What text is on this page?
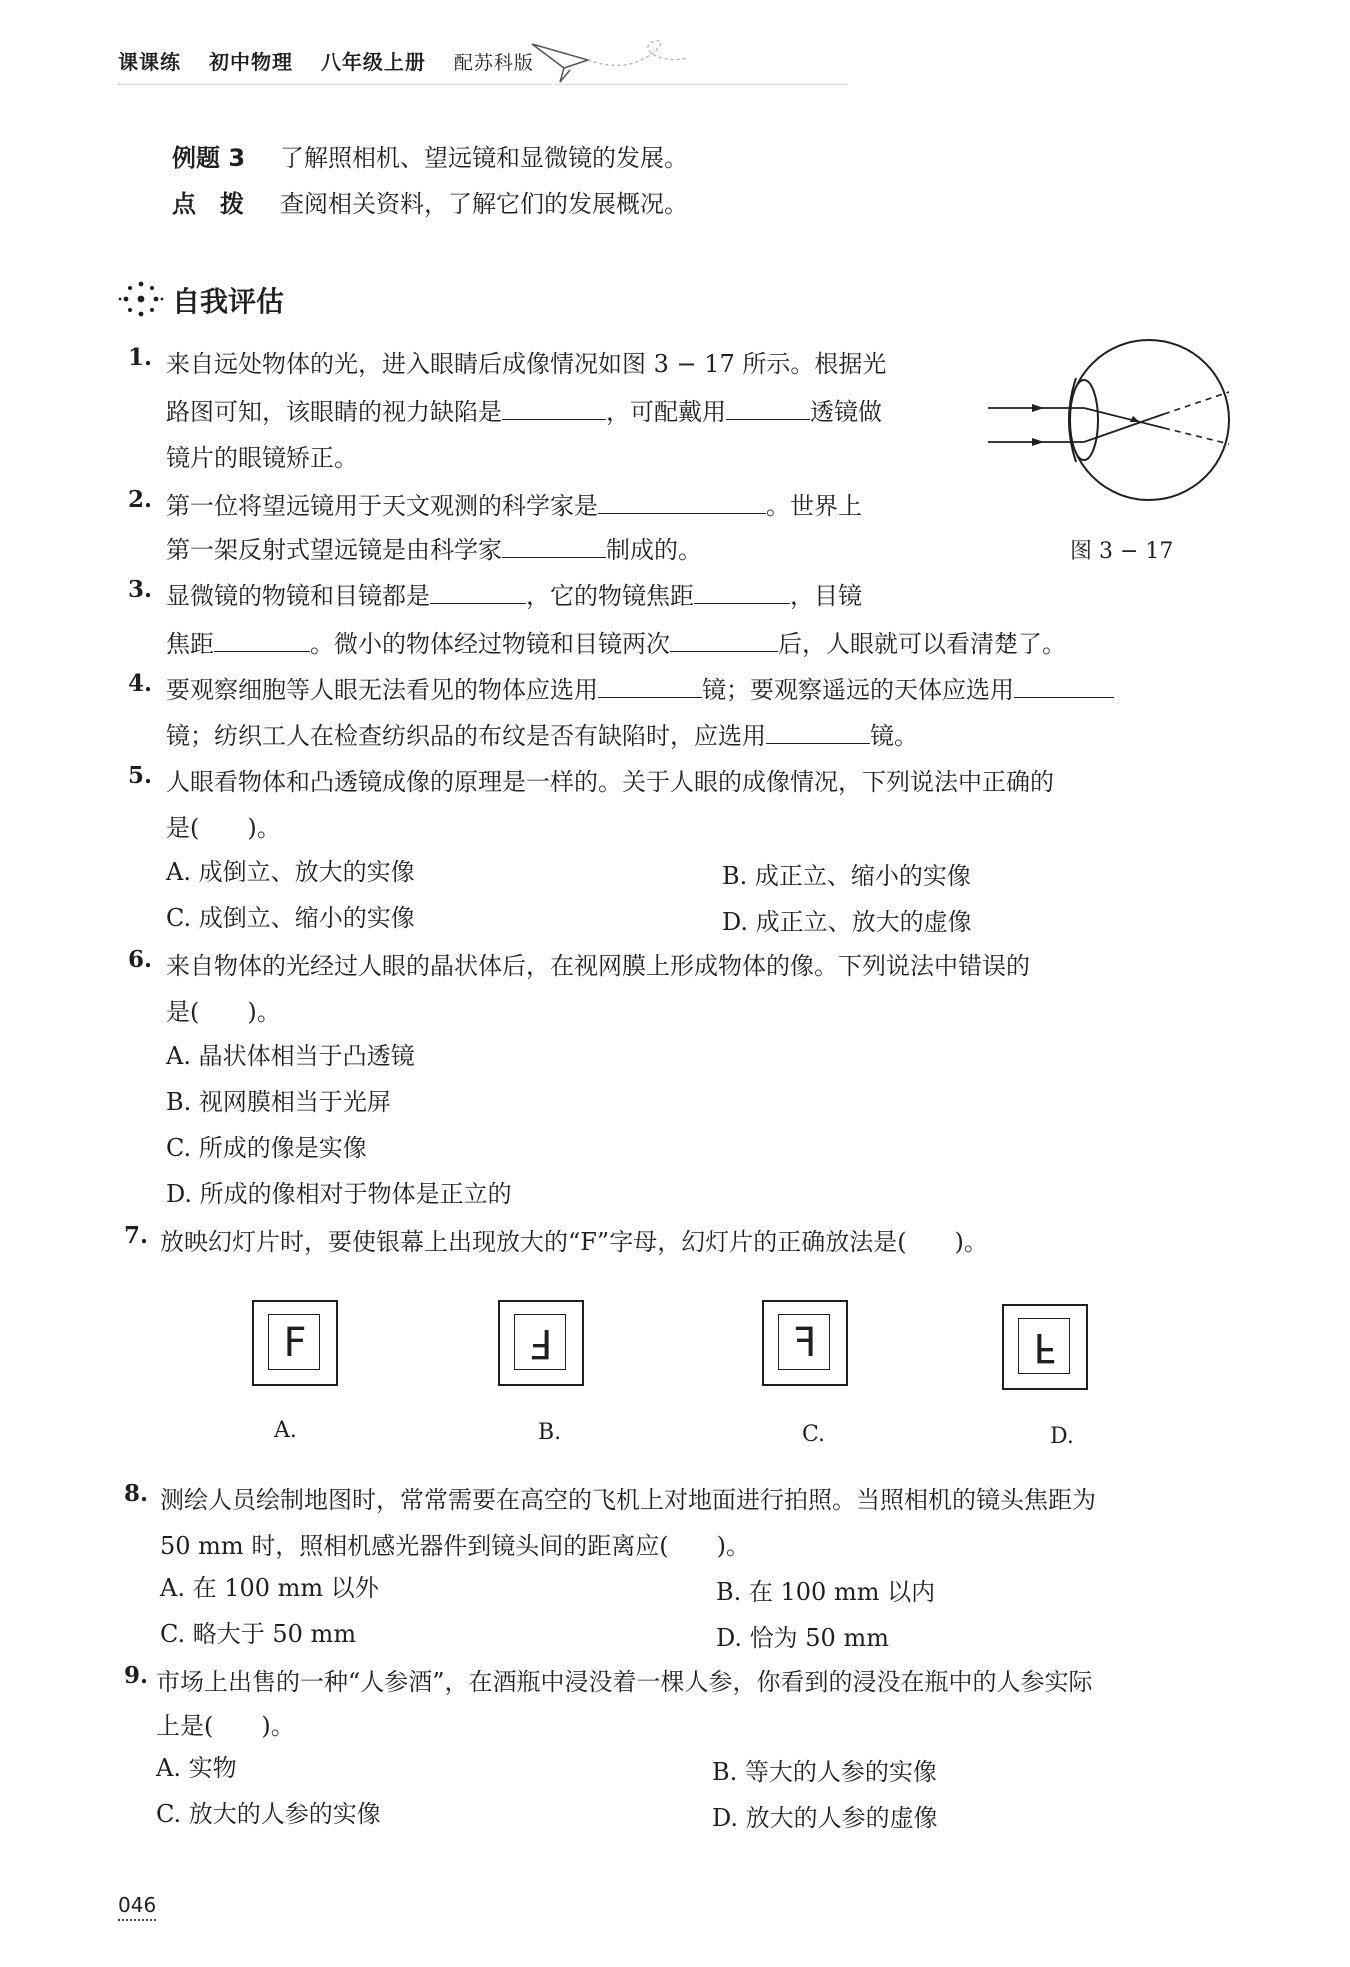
课课练 初中物理 八年级上册 配苏科版
例题 3 了解照相机、望远镜和显微镜的发展。
点　拨 查阅相关资料，了解它们的发展概况。
自我评估
1. 来自远处物体的光，进入眼睛后成像情况如图 3 − 17 所示。根据光
路图可知，该眼睛的视力缺陷是	，可配戴用	透镜做
镜片的眼镜矫正。
图 3 − 17
2. 第一位将望远镜用于天文观测的科学家是	。世界上
第一架反射式望远镜是由科学家	制成的。
3. 显微镜的物镜和目镜都是	，它的物镜焦距	，目镜
焦距	。微小的物体经过物镜和目镜两次	后，人眼就可以看清楚了。
4. 要观察细胞等人眼无法看见的物体应选用	镜；要观察遥远的天体应选用
镜；纺织工人在检查纺织品的布纹是否有缺陷时，应选用	镜。
5. 人眼看物体和凸透镜成像的原理是一样的。关于人眼的成像情况，下列说法中正确的
是(　　)。
A. 成倒立、放大的实像	B. 成正立、缩小的实像
C. 成倒立、缩小的实像	D. 成正立、放大的虚像
6. 来自物体的光经过人眼的晶状体后，在视网膜上形成物体的像。下列说法中错误的
是(　　)。
A. 晶状体相当于凸透镜
B. 视网膜相当于光屏
C. 所成的像是实像
D. 所成的像相对于物体是正立的
7. 放映幻灯片时，要使银幕上出现放大的“F”字母，幻灯片的正确放法是(　　)。
F	F	F	F
A.	B.	C.	D.
8. 测绘人员绘制地图时，常常需要在高空的飞机上对地面进行拍照。当照相机的镜头焦距为
50 mm 时，照相机感光器件到镜头间的距离应(　　)。
A. 在 100 mm 以外	B. 在 100 mm 以内
C. 略大于 50 mm	D. 恰为 50 mm
9. 市场上出售的一种“人参酒”，在酒瓶中浸没着一棵人参，你看到的浸没在瓶中的人参实际
上是(　　)。
A. 实物	B. 等大的人参的实像
C. 放大的人参的实像	D. 放大的人参的虚像
046
